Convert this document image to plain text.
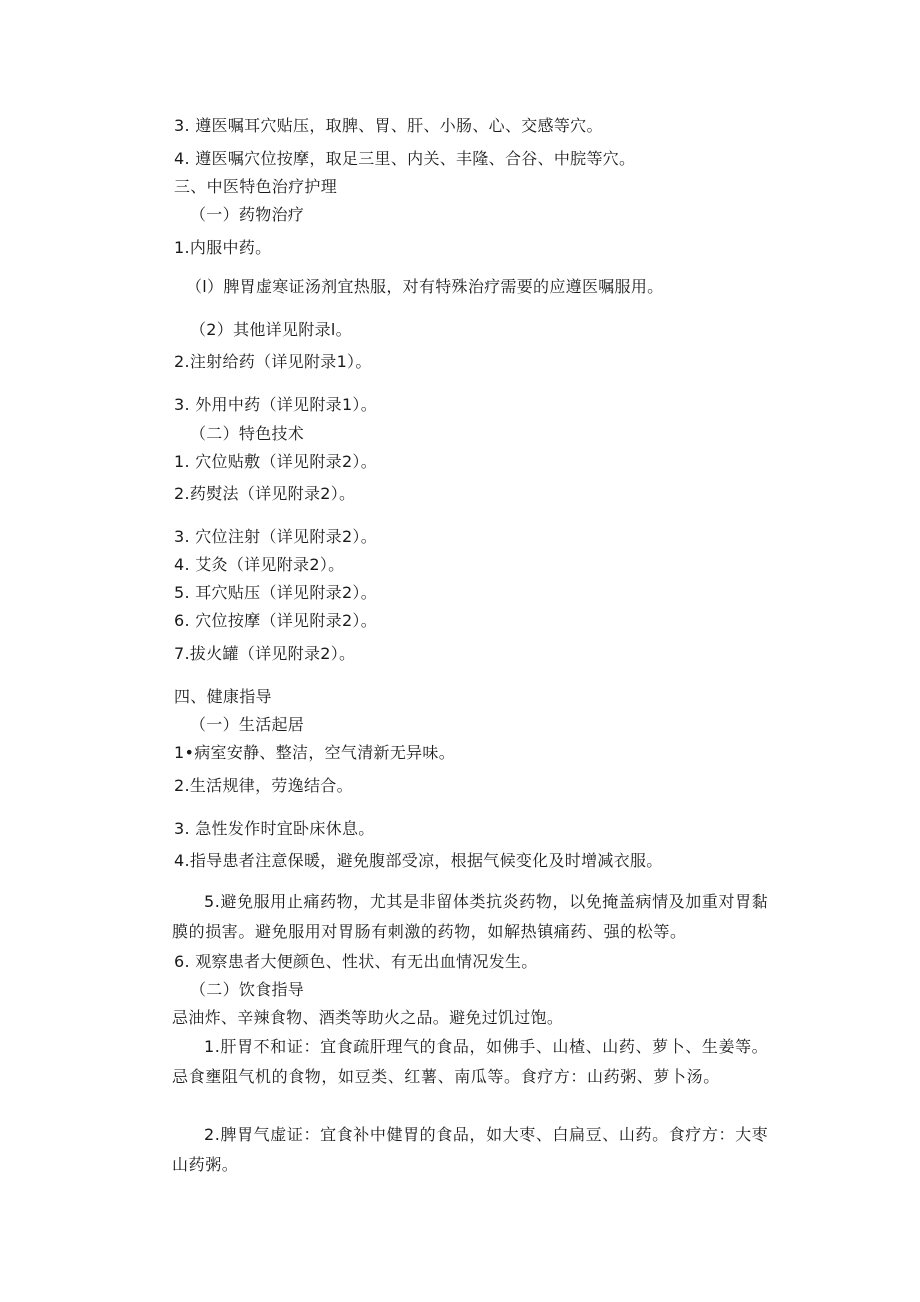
3. 遵医嘱耳穴贴压，取脾、胃、肝、小肠、心、交感等穴。
4. 遵医嘱穴位按摩，取足三里、内关、丰隆、合谷、中脘等穴。
三、中医特色治疗护理
（一）药物治疗
1.内服中药。
（l）脾胃虚寒证汤剂宜热服，对有特殊治疗需要的应遵医嘱服用。
（2）其他详见附录l。
2.注射给药（详见附录1）。
3. 外用中药（详见附录1）。
（二）特色技术
1. 穴位贴敷（详见附录2）。
2.药熨法（详见附录2）。
3. 穴位注射（详见附录2）。
4. 艾灸（详见附录2）。
5. 耳穴贴压（详见附录2）。
6. 穴位按摩（详见附录2）。
7.拔火罐（详见附录2）。
四、健康指导
（一）生活起居
1•病室安静、整洁，空气清新无异味。
2.生活规律，劳逸结合。
3. 急性发作时宜卧床休息。
4.指导患者注意保暖，避免腹部受凉，根据气候变化及时增减衣服。
5.避免服用止痛药物，尤其是非留体类抗炎药物，以免掩盖病情及加重对胃黏膜的损害。避免服用对胃肠有刺激的药物，如解热镇痛药、强的松等。
6. 观察患者大便颜色、性状、有无出血情况发生。
（二）饮食指导
忌油炸、辛辣食物、酒类等助火之品。避免过饥过饱。
1.肝胃不和证：宜食疏肝理气的食品，如佛手、山楂、山药、萝卜、生姜等。忌食壅阻气机的食物，如豆类、红薯、南瓜等。食疗方：山药粥、萝卜汤。
2.脾胃气虚证：宜食补中健胃的食品，如大枣、白扁豆、山药。食疗方：大枣山药粥。
